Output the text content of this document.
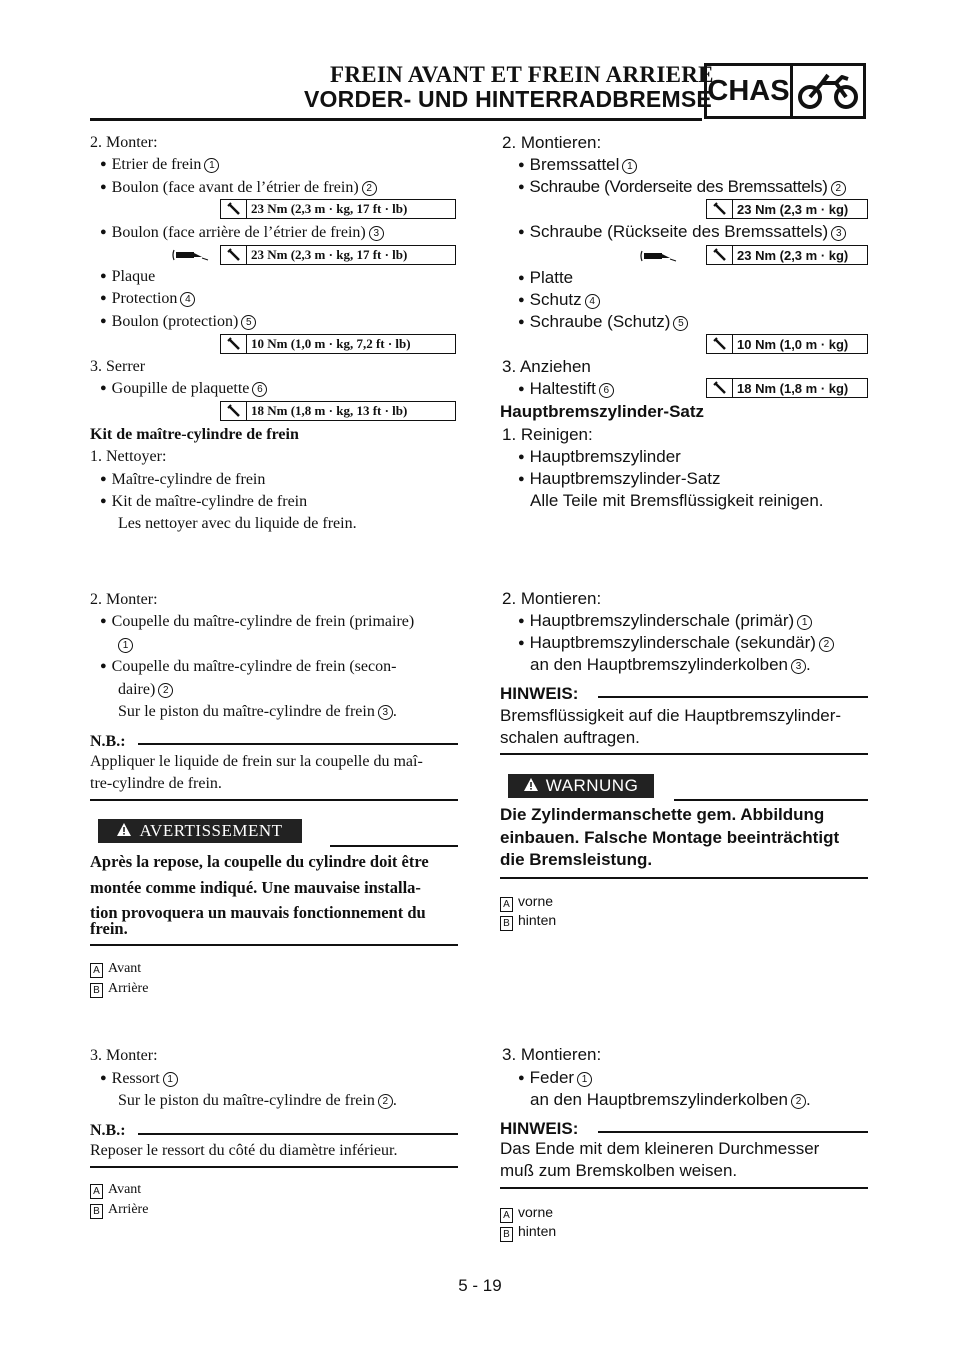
FREIN AVANT ET FREIN ARRIERE
VORDER- UND HINTERRADBREMSE
CHAS
2. Monter:
● Etrier de frein 1
● Boulon (face avant de l’étrier de frein) 2
23 Nm (2,3 m · kg, 17 ft · lb)
● Boulon (face arrière de l’étrier de frein) 3
23 Nm (2,3 m · kg, 17 ft · lb)
● Plaque
● Protection 4
● Boulon (protection) 5
10 Nm (1,0 m · kg, 7,2 ft · lb)
3. Serrer
● Goupille de plaquette 6
18 Nm (1,8 m · kg, 13 ft · lb)
Kit de maître-cylindre de frein
1. Nettoyer:
● Maître-cylindre de frein
● Kit de maître-cylindre de frein
Les nettoyer avec du liquide de frein.
2. Monter:
● Coupelle du maître-cylindre de frein (primaire)
1
● Coupelle du maître-cylindre de frein (secon-
daire) 2
Sur le piston du maître-cylindre de frein 3 .
N.B.:
Appliquer le liquide de frein sur la coupelle du maî-
tre-cylindre de frein.
AVERTISSEMENT
Après la repose, la coupelle du cylindre doit être
montée comme indiqué. Une mauvaise installa-
tion provoquera un mauvais fonctionnement du
frein.
A Avant
B Arrière
3. Monter:
● Ressort 1
Sur le piston du maître-cylindre de frein 2 .
N.B.:
Reposer le ressort du côté du diamètre inférieur.
A Avant
B Arrière
2. Montieren:
● Bremssattel 1
● Schraube (Vorderseite des Bremssattels) 2
23 Nm (2,3 m · kg)
● Schraube (Rückseite des Bremssattels) 3
23 Nm (2,3 m · kg)
● Platte
● Schutz 4
● Schraube (Schutz) 5
10 Nm (1,0 m · kg)
3. Anziehen
● Haltestift 6	18 Nm (1,8 m · kg)
Hauptbremszylinder-Satz
1. Reinigen:
● Hauptbremszylinder
● Hauptbremszylinder-Satz
Alle Teile mit Bremsflüssigkeit reinigen.
2. Montieren:
● Hauptbremszylinderschale (primär) 1
● Hauptbremszylinderschale (sekundär) 2
an den Hauptbremszylinderkolben 3 .
HINWEIS:
Bremsflüssigkeit auf die Hauptbremszylinder-
schalen auftragen.
WARNUNG
Die Zylindermanschette gem. Abbildung
einbauen. Falsche Montage beeinträchtigt
die Bremsleistung.
A vorne
B hinten
3. Montieren:
● Feder 1
an den Hauptbremszylinderkolben 2 .
HINWEIS:
Das Ende mit dem kleineren Durchmesser
muß zum Bremskolben weisen.
A vorne
B hinten
5 - 19
